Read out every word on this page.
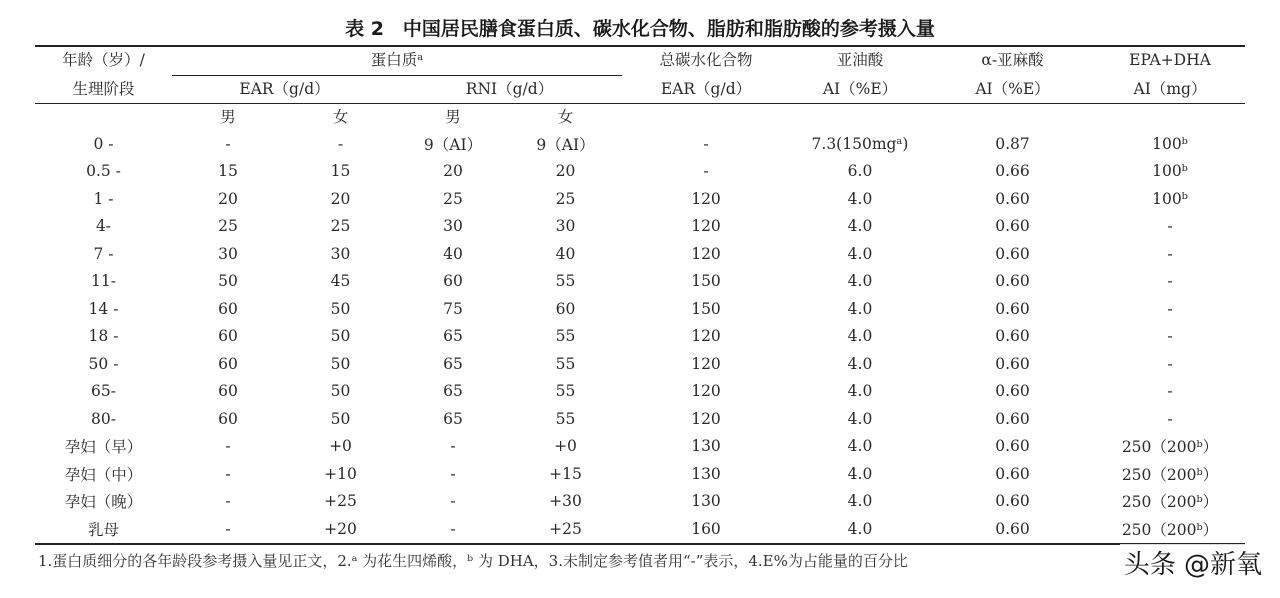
表 2　中国居民膳食蛋白质、碳水化合物、脂肪和脂肪酸的参考摄入量
年龄（岁）/	蛋白质ᵃ	总碳水化合物	亚油酸	α-亚麻酸	EPA+DHA
生理阶段	EAR（g/d）	RNI（g/d）	EAR（g/d）	AI（%E）	AI（%E）	AI（mg）
男	女	男	女

0 -	-	-	9（AI）	9（AI）	-	7.3(150mgᵃ)	0.87	100ᵇ
0.5 -	15	15	20	20	-	6.0	0.66	100ᵇ
1 -	20	20	25	25	120	4.0	0.60	100ᵇ
4-	25	25	30	30	120	4.0	0.60	-
7 -	30	30	40	40	120	4.0	0.60	-
11-	50	45	60	55	150	4.0	0.60	-
14 -	60	50	75	60	150	4.0	0.60	-
18 -	60	50	65	55	120	4.0	0.60	-
50 -	60	50	65	55	120	4.0	0.60	-
65-	60	50	65	55	120	4.0	0.60	-
80-	60	50	65	55	120	4.0	0.60	-
孕妇（早）	-	+0	-	+0	130	4.0	0.60	250（200ᵇ）
孕妇（中）	-	+10	-	+15	130	4.0	0.60	250（200ᵇ）
孕妇（晚）	-	+25	-	+30	130	4.0	0.60	250（200ᵇ）
乳母	-	+20	-	+25	160	4.0	0.60	250（200ᵇ）
1.蛋白质细分的各年龄段参考摄入量见正文，2.ᵃ 为花生四烯酸，ᵇ 为 DHA，3.未制定参考值者用“-”表示，4.E%为占能量的百分比	头条 @新氧
